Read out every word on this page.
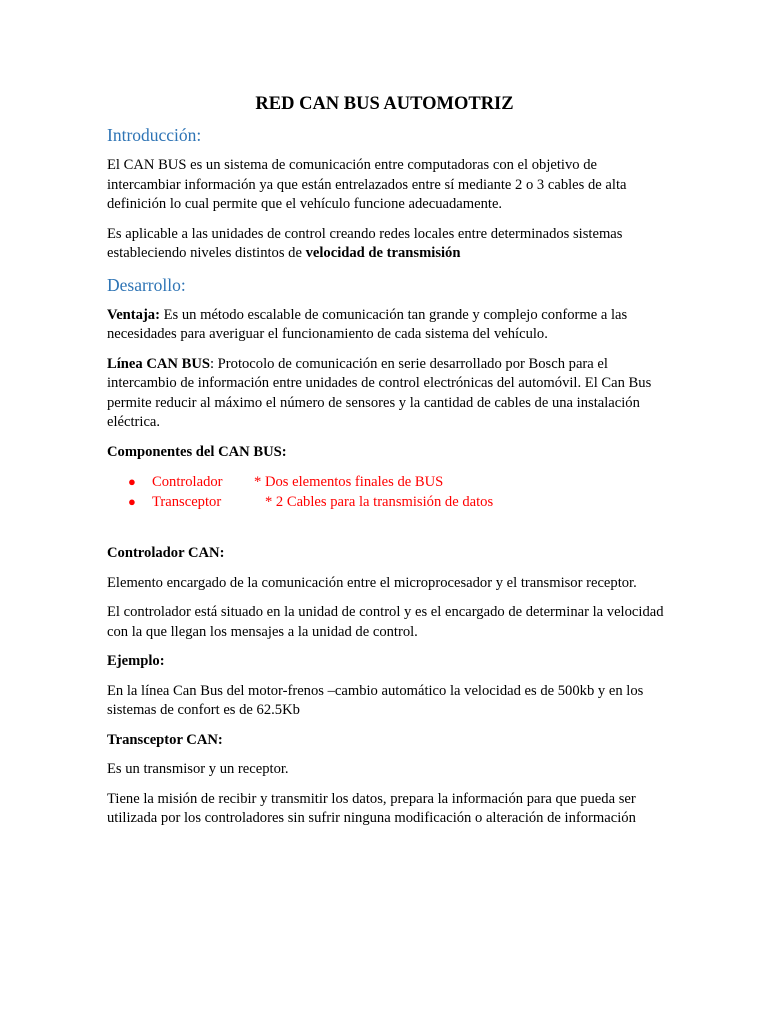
RED CAN BUS AUTOMOTRIZ
Introducción:

El CAN BUS es un sistema de comunicación entre computadoras con el objetivo de intercambiar información ya que están entrelazados entre sí mediante 2 o 3 cables de alta definición lo cual permite que el vehículo funcione adecuadamente.

Es aplicable a las unidades de control creando redes locales entre determinados sistemas estableciendo niveles distintos de velocidad de transmisión

Desarrollo:

Ventaja: Es un método escalable de comunicación tan grande y complejo conforme a las necesidades para averiguar el funcionamiento de cada sistema del vehículo.

Línea CAN BUS: Protocolo de comunicación en serie desarrollado por Bosch para el intercambio de información entre unidades de control electrónicas del automóvil. El Can Bus permite reducir al máximo el número de sensores y la cantidad de cables de una instalación eléctrica.

Componentes del CAN BUS:
● Controlador * Dos elementos finales de BUS
● Transceptor   * 2 Cables para la transmisión de datos
Controlador CAN:

Elemento encargado de la comunicación entre el microprocesador y el transmisor receptor.

El controlador está situado en la unidad de control y es el encargado de determinar la velocidad con la que llegan los mensajes a la unidad de control.

Ejemplo:

En la línea Can Bus del motor-frenos –cambio automático la velocidad es de 500kb y en los sistemas de confort es de 62.5Kb

Transceptor CAN:

Es un transmisor y un receptor.

Tiene la misión de recibir y transmitir los datos, prepara la información para que pueda ser utilizada por los controladores sin sufrir ninguna modificación o alteración de información
